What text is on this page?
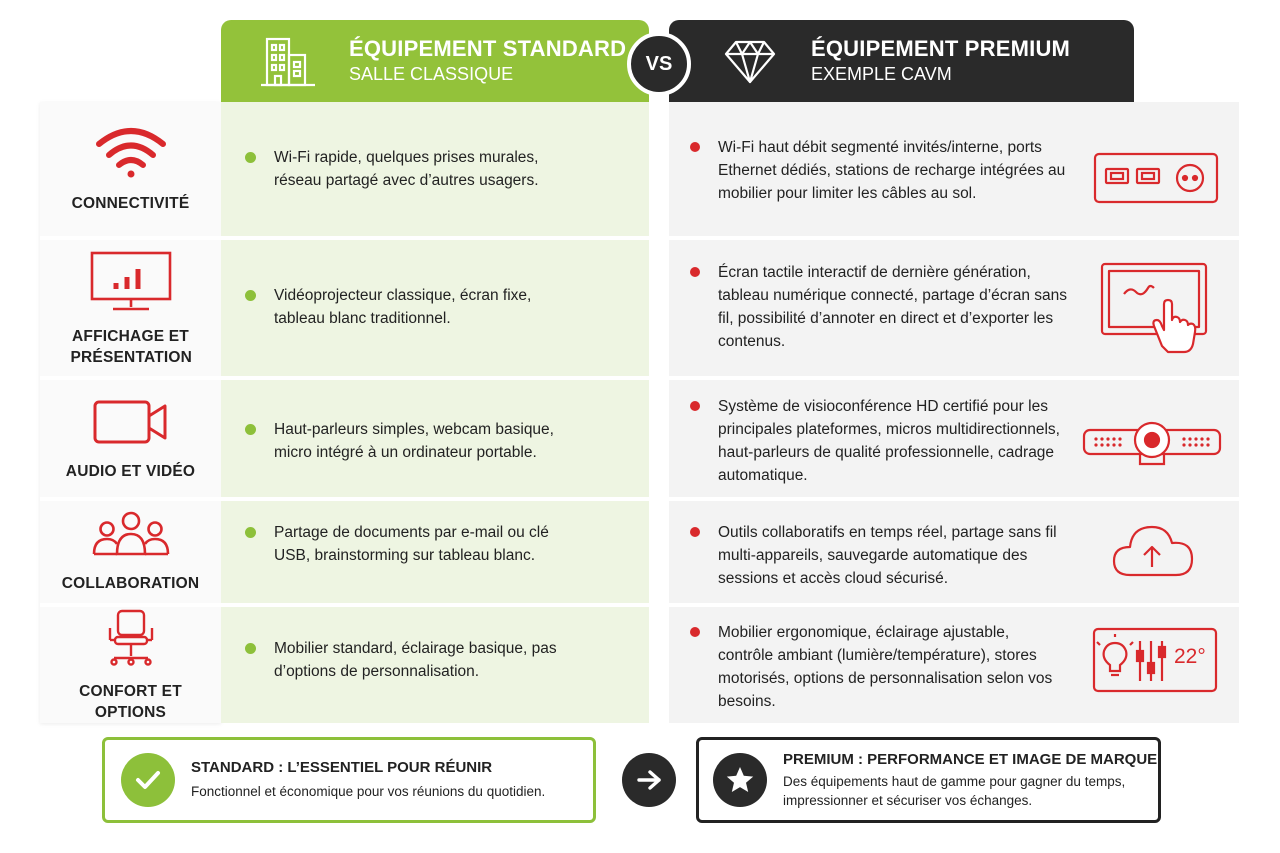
ÉQUIPEMENT STANDARD
SALLE CLASSIQUE
ÉQUIPEMENT PREMIUM
EXEMPLE CAVM
VS
CONNECTIVITÉ
Wi-Fi rapide, quelques prises murales, réseau partagé avec d’autres usagers.
Wi-Fi haut débit segmenté invités/interne, ports Ethernet dédiés, stations de recharge intégrées au mobilier pour limiter les câbles au sol.
AFFICHAGE ET PRÉSENTATION
Vidéoprojecteur classique, écran fixe, tableau blanc traditionnel.
Écran tactile interactif de dernière génération, tableau numérique connecté, partage d’écran sans fil, possibilité d’annoter en direct et d’exporter les contenus.
AUDIO ET VIDÉO
Haut-parleurs simples, webcam basique, micro intégré à un ordinateur portable.
Système de visioconférence HD certifié pour les principales plateformes, micros multidirectionnels, haut-parleurs de qualité professionnelle, cadrage automatique.
COLLABORATION
Partage de documents par e-mail ou clé USB, brainstorming sur tableau blanc.
Outils collaboratifs en temps réel, partage sans fil multi-appareils, sauvegarde automatique des sessions et accès cloud sécurisé.
CONFORT ET OPTIONS
Mobilier standard, éclairage basique, pas d’options de personnalisation.
Mobilier ergonomique, éclairage ajustable, contrôle ambiant (lumière/température), stores motorisés, options de personnalisation selon vos besoins.
22°
STANDARD : L’ESSENTIEL POUR RÉUNIR
Fonctionnel et économique pour vos réunions du quotidien.
PREMIUM : PERFORMANCE ET IMAGE DE MARQUE
Des équipements haut de gamme pour gagner du temps, impressionner et sécuriser vos échanges.
